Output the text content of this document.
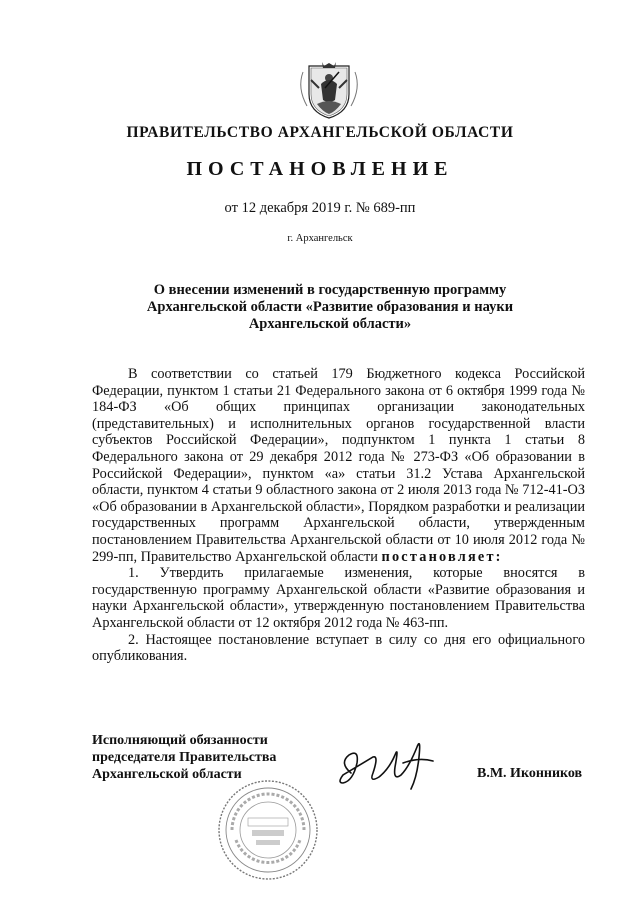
ПРАВИТЕЛЬСТВО АРХАНГЕЛЬСКОЙ ОБЛАСТИ
ПОСТАНОВЛЕНИЕ
от 12 декабря 2019 г. № 689-пп
г. Архангельск
О внесении изменений в государственную программу
Архангельской области «Развитие образования и науки
Архангельской области»

В соответствии со статьей 179 Бюджетного кодекса Российской Федерации, пунктом 1 статьи 21 Федерального закона от 6 октября 1999 года № 184-ФЗ «Об общих принципах организации законодательных (представительных) и исполнительных органов государственной власти субъектов Российской Федерации», подпунктом 1 пункта 1 статьи 8 Федерального закона от 29 декабря 2012 года № 273-ФЗ «Об образовании в Российской Федерации», пунктом «а» статьи 31.2 Устава Архангельской области, пунктом 4 статьи 9 областного закона от 2 июля 2013 года № 712-41-ОЗ «Об образовании в Архангельской области», Порядком разработки и реализации государственных программ Архангельской области, утвержденным постановлением Правительства Архангельской области от 10 июля 2012 года № 299-пп, Правительство Архангельской области постановляет:

1. Утвердить прилагаемые изменения, которые вносятся в государственную программу Архангельской области «Развитие образования и науки Архангельской области», утвержденную постановлением Правительства Архангельской области от 12 октября 2012 года № 463-пп.

2. Настоящее постановление вступает в силу со дня его официального опубликования.

Исполняющий обязанности
председателя Правительства
Архангельской области	В.М. Иконников
